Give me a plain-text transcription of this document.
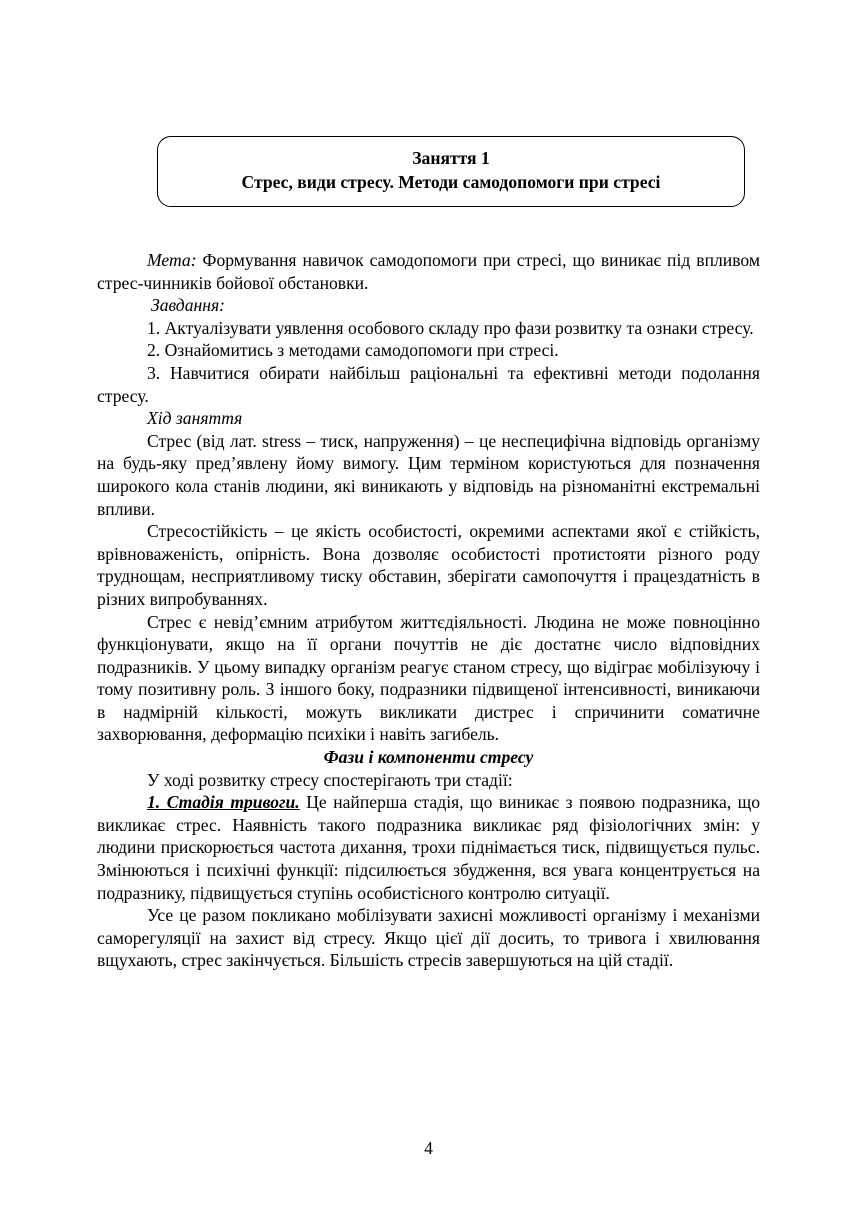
Заняття 1
Стрес, види стресу. Методи самодопомоги при стресі

Мета: Формування навичок самодопомоги при стресі, що виникає під впливом стрес-чинників бойової обстановки.

Завдання:

1. Актуалізувати уявлення особового складу про фази розвитку та ознаки стресу.

2. Ознайомитись з методами самодопомоги при стресі.

3. Навчитися обирати найбільш раціональні та ефективні методи подолання стресу.

Хід заняття

Стрес (від лат. stress – тиск, напруження) – це неспецифічна відповідь організму на будь-яку пред’явлену йому вимогу. Цим терміном користуються для позначення широкого кола станів людини, які виникають у відповідь на різноманітні екстремальні впливи.

Стресостійкість – це якість особистості, окремими аспектами якої є стійкість, врівноваженість, опірність. Вона дозволяє особистості протистояти різного роду труднощам, несприятливому тиску обставин, зберігати самопочуття і працездатність в різних випробуваннях.

Стрес є невід’ємним атрибутом життєдіяльності. Людина не може повноцінно функціонувати, якщо на її органи почуттів не діє достатнє число відповідних подразників. У цьому випадку організм реагує станом стресу, що відіграє мобілізуючу і тому позитивну роль. З іншого боку, подразники підвищеної інтенсивності, виникаючи в надмірній кількості, можуть викликати дистрес і спричинити соматичне захворювання, деформацію психіки і навіть загибель.

Фази і компоненти стресу

У ході розвитку стресу спостерігають три стадії:

1. Стадія тривоги. Це найперша стадія, що виникає з появою подразника, що викликає стрес. Наявність такого подразника викликає ряд фізіологічних змін: у людини прискорюється частота дихання, трохи піднімається тиск, підвищується пульс. Змінюються і психічні функції: підсилюється збудження, вся увага концентрується на подразнику, підвищується ступінь особистісного контролю ситуації.

Усе це разом покликано мобілізувати захисні можливості організму і механізми саморегуляції на захист від стресу. Якщо цієї дії досить, то тривога і хвилювання вщухають, стрес закінчується. Більшість стресів завершуються на цій стадії.

4
